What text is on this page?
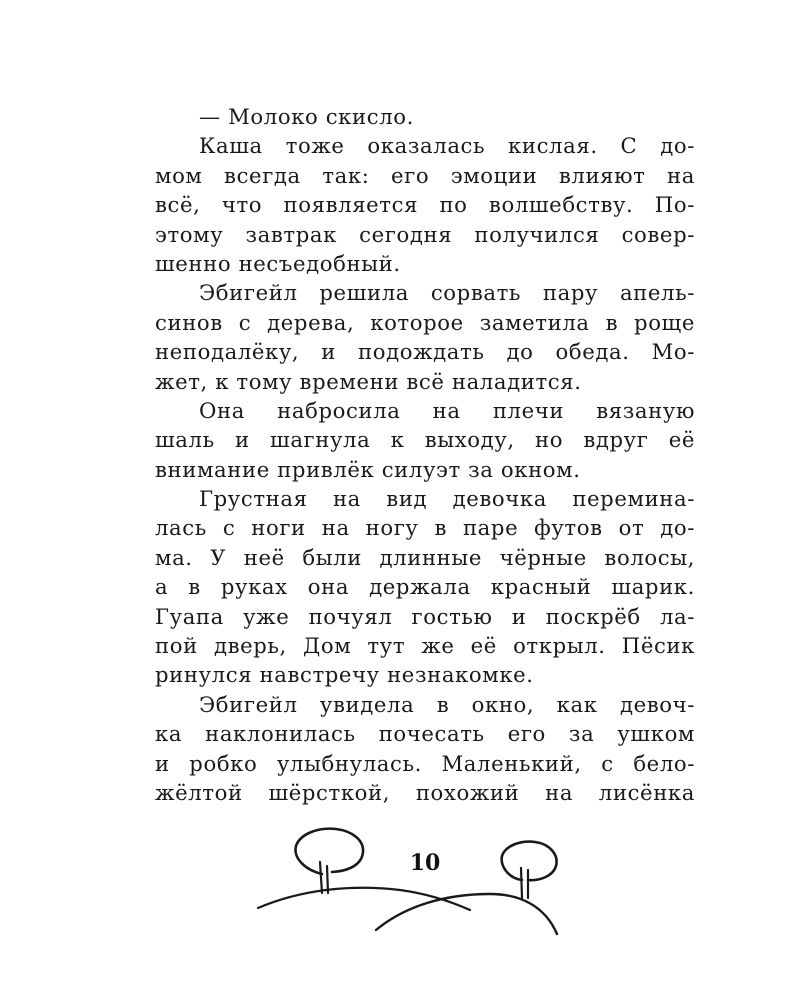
— Молоко скисло.
Каша тоже оказалась кислая. С до-
мом всегда так: его эмоции влияют на
всё, что появляется по волшебству. По-
этому завтрак сегодня получился совер-
шенно несъедобный.
Эбигейл решила сорвать пару апель-
синов с дерева, которое заметила в роще
неподалёку, и подождать до обеда. Мо-
жет, к тому времени всё наладится.
Она набросила на плечи вязаную
шаль и шагнула к выходу, но вдруг её
внимание привлёк силуэт за окном.
Грустная на вид девочка перемина-
лась с ноги на ногу в паре футов от до-
ма. У неё были длинные чёрные волосы,
а в руках она держала красный шарик.
Гуапа уже почуял гостью и поскрёб ла-
пой дверь, Дом тут же её открыл. Пёсик
ринулся навстречу незнакомке.
Эбигейл увидела в окно, как девоч-
ка наклонилась почесать его за ушком
и робко улыбнулась. Маленький, с бело-
жёлтой шёрсткой, похожий на лисёнка
10
